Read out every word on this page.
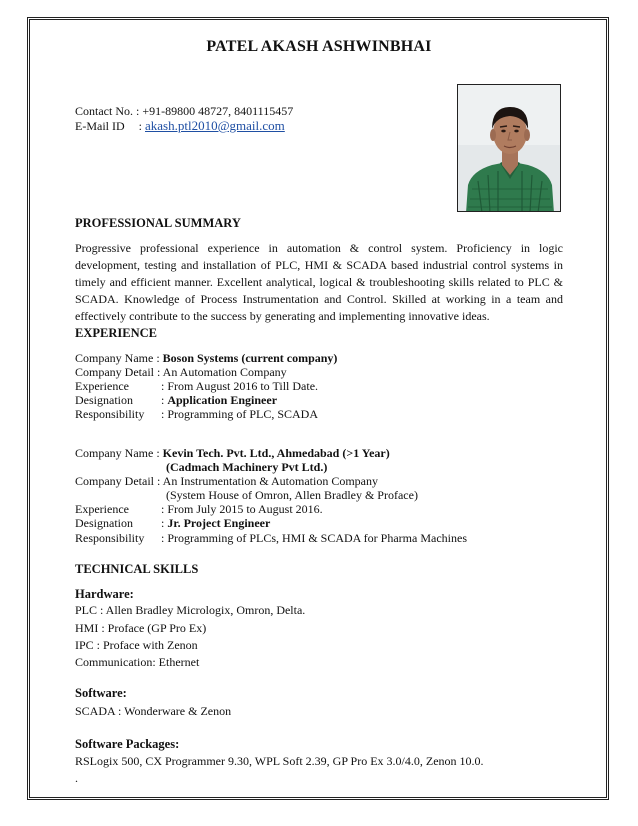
PATEL AKASH ASHWINBHAI
Contact No. : +91-89800 48727, 8401115457
E-Mail ID : akash.ptl2010@gmail.com
PROFESSIONAL SUMMARY
Progressive professional experience in automation & control system. Proficiency in logic development, testing and installation of PLC, HMI & SCADA based industrial control systems in timely and efficient manner. Excellent analytical, logical & troubleshooting skills related to PLC & SCADA. Knowledge of Process Instrumentation and Control. Skilled at working in a team and effectively contribute to the success by generating and implementing innovative ideas.
EXPERIENCE
Company Name : Boson Systems (current company)
Company Detail : An Automation Company
Experience	: From August 2016 to Till Date.
Designation : Application Engineer
Responsibility : Programming of PLC, SCADA
Company Name : Kevin Tech. Pvt. Ltd., Ahmedabad (>1 Year)
(Cadmach Machinery Pvt Ltd.)
Company Detail : An Instrumentation & Automation Company
(System House of Omron, Allen Bradley & Proface)
Experience	: From July 2015 to August 2016.
Designation : Jr. Project Engineer
Responsibility : Programming of PLCs, HMI & SCADA for Pharma Machines
TECHNICAL SKILLS
Hardware:
PLC : Allen Bradley Micrologix, Omron, Delta.
HMI : Proface (GP Pro Ex)
IPC : Proface with Zenon
Communication: Ethernet
Software:
SCADA : Wonderware & Zenon
Software Packages:
RSLogix 500, CX Programmer 9.30, WPL Soft 2.39, GP Pro Ex 3.0/4.0, Zenon 10.0.
.
